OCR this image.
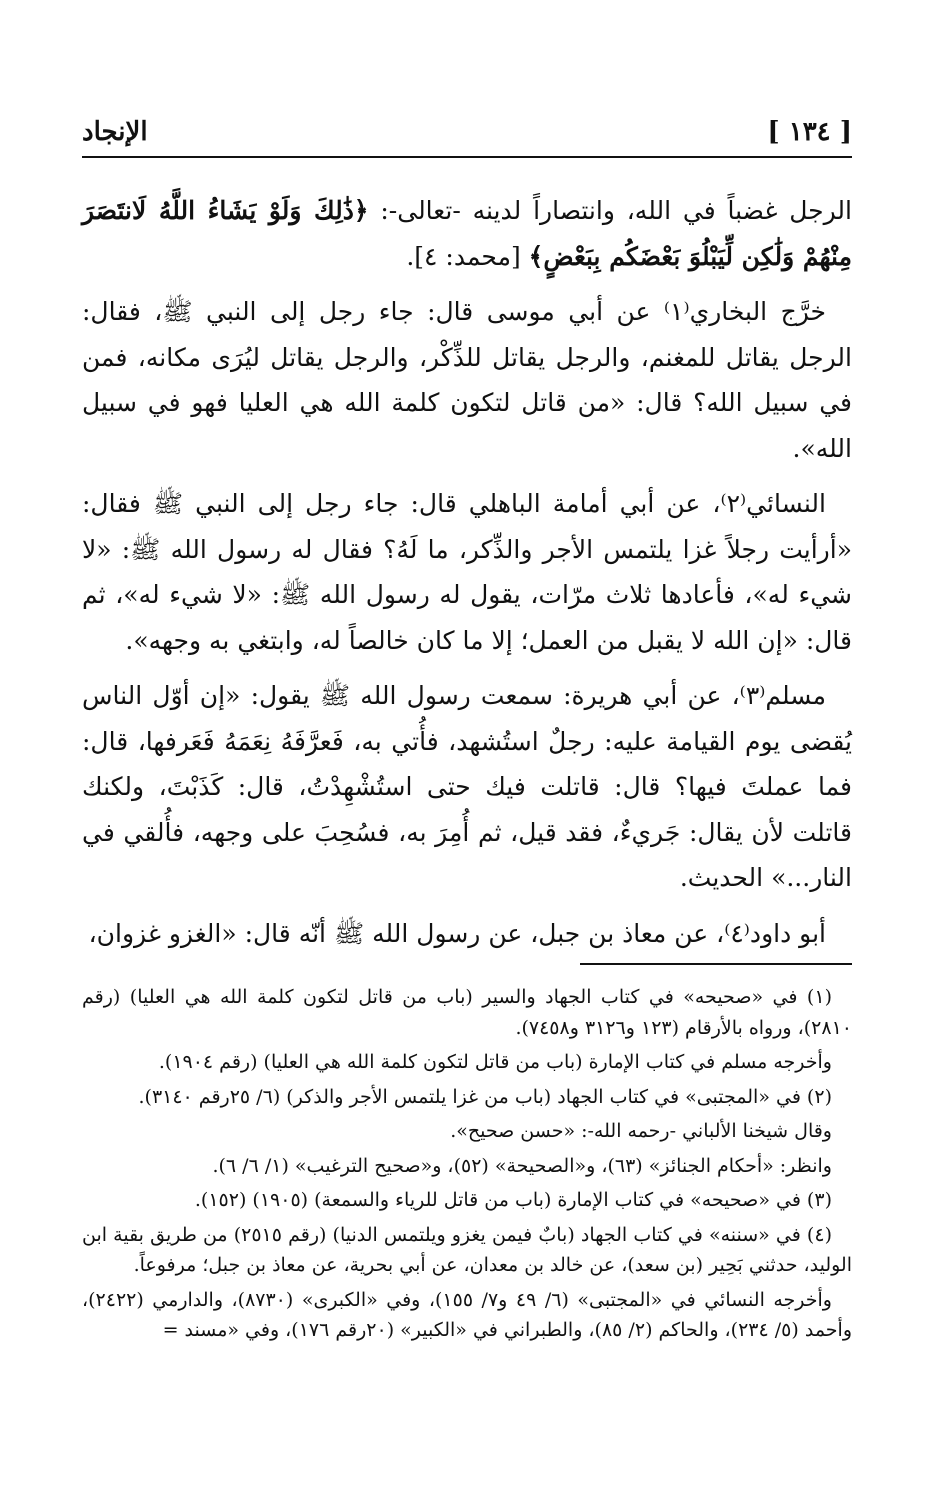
[ ١٣٤ ]
الإنجاد

الرجل غضباً في الله، وانتصاراً لدينه -تعالى-: ﴿ذَٰلِكَ وَلَوْ يَشَاءُ اللَّهُ لَانتَصَرَ مِنْهُمْ وَلَٰكِن لِّيَبْلُوَ بَعْضَكُم بِبَعْضٍ﴾ [محمد: ٤].

خرَّج البخاري⁽١⁾ عن أبي موسى قال: جاء رجل إلى النبي ﷺ، فقال: الرجل يقاتل للمغنم، والرجل يقاتل للذِّكْر، والرجل يقاتل ليُرَى مكانه، فمن في سبيل الله؟ قال: «من قاتل لتكون كلمة الله هي العليا فهو في سبيل الله».

النسائي⁽٢⁾، عن أبي أمامة الباهلي قال: جاء رجل إلى النبي ﷺ فقال: «أرأيت رجلاً غزا يلتمس الأجر والذِّكر، ما لَهُ؟ فقال له رسول الله ﷺ: «لا شيء له»، فأعادها ثلاث مرّات، يقول له رسول الله ﷺ: «لا شيء له»، ثم قال: «إن الله لا يقبل من العمل؛ إلا ما كان خالصاً له، وابتغي به وجهه».

مسلم⁽٣⁾، عن أبي هريرة: سمعت رسول الله ﷺ يقول: «إن أوّل الناس يُقضى يوم القيامة عليه: رجلٌ استُشهد، فأُتي به، فَعرَّفَهُ نِعَمَهُ فَعَرفها، قال: فما عملتَ فيها؟ قال: قاتلت فيك حتى استُشْهِدْتُ، قال: كَذَبْتَ، ولكنك قاتلت لأن يقال: جَريءٌ، فقد قيل، ثم أُمِرَ به، فسُحِبَ على وجهه، فأُلقي في النار...» الحديث.

أبو داود⁽٤⁾، عن معاذ بن جبل، عن رسول الله ﷺ أنّه قال: «الغزو غزوان،

(١) في «صحيحه» في كتاب الجهاد والسير (باب من قاتل لتكون كلمة الله هي العليا) (رقم ٢٨١٠)، ورواه بالأرقام (١٢٣ و٣١٢٦ و٧٤٥٨).

وأخرجه مسلم في كتاب الإمارة (باب من قاتل لتكون كلمة الله هي العليا) (رقم ١٩٠٤).

(٢) في «المجتبى» في كتاب الجهاد (باب من غزا يلتمس الأجر والذكر) (٦/ ٢٥رقم ٣١٤٠).

وقال شيخنا الألباني -رحمه الله-: «حسن صحيح».

وانظر: «أحكام الجنائز» (٦٣)، و«الصحيحة» (٥٢)، و«صحيح الترغيب» (١/ ٦/ ٦).

(٣) في «صحيحه» في كتاب الإمارة (باب من قاتل للرياء والسمعة) (١٩٠٥) (١٥٢).

(٤) في «سننه» في كتاب الجهاد (بابٌ فيمن يغزو ويلتمس الدنيا) (رقم ٢٥١٥) من طريق بقية ابن الوليد، حدثني بَحِير (بن سعد)، عن خالد بن معدان، عن أبي بحرية، عن معاذ بن جبل؛ مرفوعاً.

وأخرجه النسائي في «المجتبى» (٦/ ٤٩ و٧/ ١٥٥)، وفي «الكبرى» (٨٧٣٠)، والدارمي (٢٤٢٢)، وأحمد (٥/ ٢٣٤)، والحاكم (٢/ ٨٥)، والطبراني في «الكبير» (٢٠رقم ١٧٦)، وفي «مسند =
